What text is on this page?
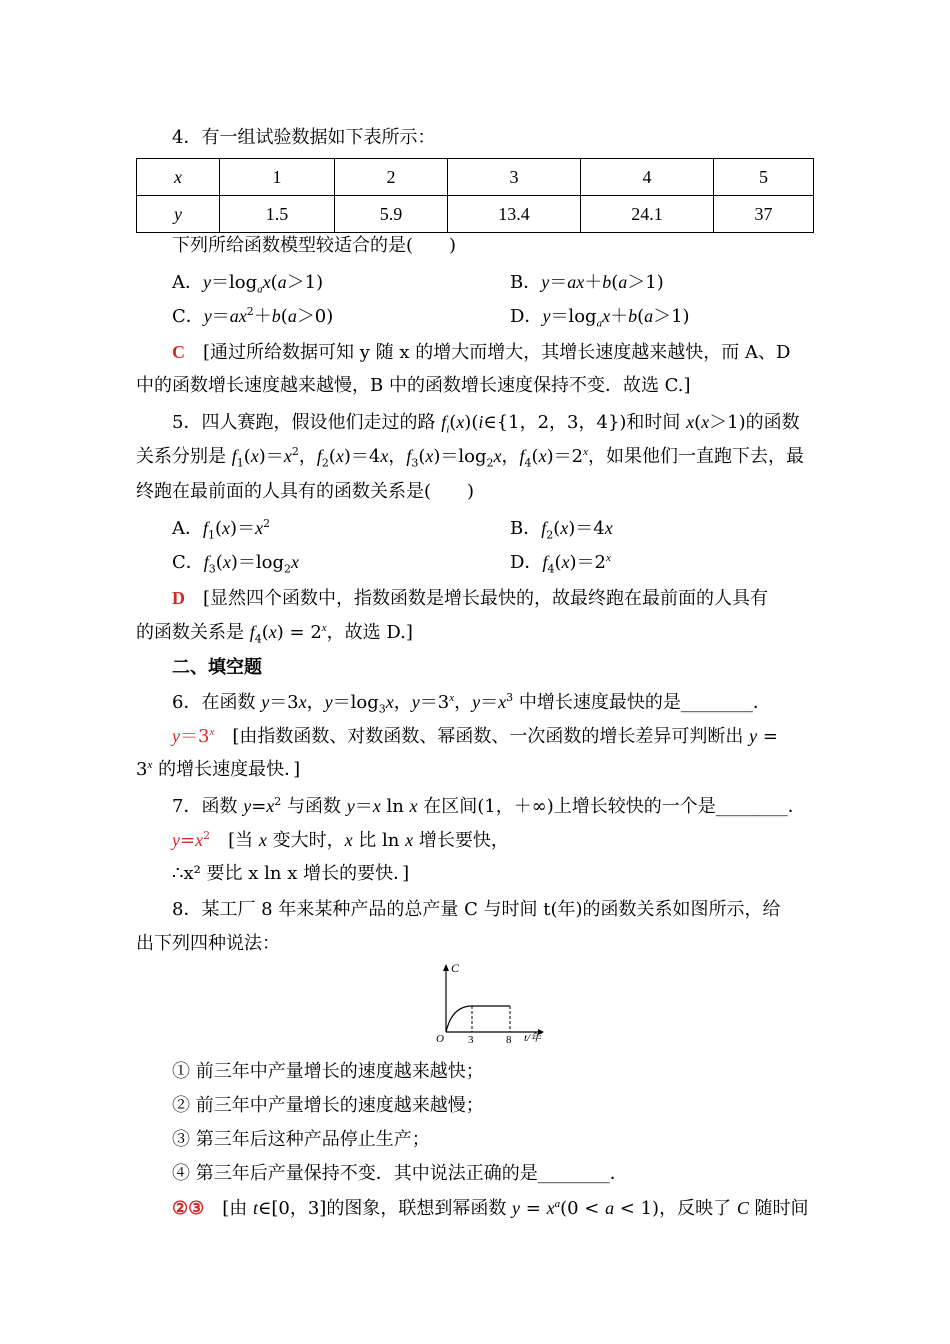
4．有一组试验数据如下表所示：
x	1	2	3	4	5
y	1.5	5.9	13.4	24.1	37
下列所给函数模型较适合的是(　　)
A．$y=\log_ax(a>1)$	B．y＝ax＋b(a＞1)
C．$y=ax^2+b(a>0)$	D．$y=\log_ax+b(a>1)$
C　 [通过所给数据可知 y 随 x 的增大而增大，其增长速度越来越快，而 A、D
中的函数增长速度越来越慢，B 中的函数增长速度保持不变．故选 C.]
5．四人赛跑，假设他们走过的路 $f_i(x)(i\in\{1$，2，3，4})和时间 x(x＞1)的函数
关系分别是 $f_1(x)=x^2$，$f_2(x)=4x$，$f_3(x)=\log_2x$，$f_4(x)=2^x$，如果他们一直跑下去，最
终跑在最前面的人具有的函数关系是(　　)
A．$f_1(x)=x^2$	B．$f_2(x)=4x$
C．$f_3(x)=\log_2x$	D．$f_4(x)=2^x$
D　 [显然四个函数中，指数函数是增长最快的，故最终跑在最前面的人具有
的函数关系是 $f_4(x) = 2^x$，故选 D.]
二、填空题
6．在函数 y＝3x，$y=\log_3x$，$y=3^x$，$y=x^3$ 中增长速度最快的是________．
$y=3^x$　[由指数函数、对数函数、幂函数、一次函数的增长差异可判断出 y =
$3^x$ 的增长速度最快．]
7．函数 $y=x^2$ 与函数 y＝x ln x 在区间(1，＋∞)上增长较快的一个是________．
$y=x^2$　[当 x 变大时，x 比 ln x 增长要快，
∴x² 要比 x ln x 增长的要快．]
8．某工厂 8 年来某种产品的总产量 C 与时间 t(年)的函数关系如图所示，给
出下列四种说法：
C
O 3	8 t/年
① 前三年中产量增长的速度越来越快；
② 前三年中产量增长的速度越来越慢；
③ 第三年后这种产品停止生产；
④ 第三年后产量保持不变．其中说法正确的是________．
②③　[由 t∈[0，3]的图象，联想到幂函数 $y = x^a(0 < a < 1)$，反映了 C 随时间
